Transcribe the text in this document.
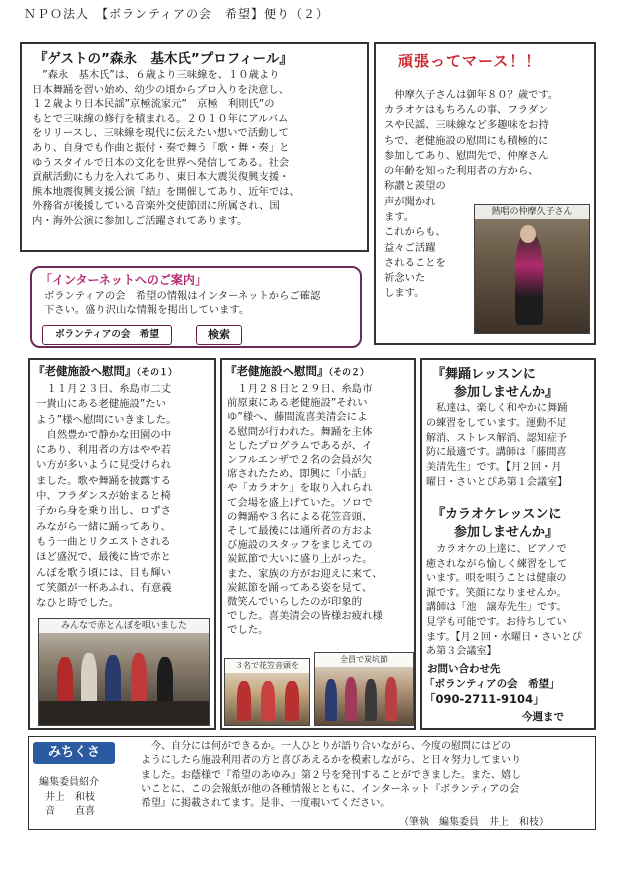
ＮＰＯ法人　【ボランティアの会　希望】便り（２）
『ゲストの”森永　基木氏”プロフィール』
　”森永　基木氏”は、６歳より三味線を、１０歳より
日本舞踊を習い始め、幼少の頃からプロ入りを決意し、
１２歳より日本民謡”京極流家元”　京極　利則氏”の
もとで三味線の修行を積まれる。２０１０年にアルバム
をリリースし、三味線を現代に伝えたい想いで活動して
あり、自身でも作曲と振付・奏で舞う「歌・舞・奏」と
ゆうスタイルで日本の文化を世界へ発信してある。社会
貢献活動にも力を入れてあり、東日本大震災復興支援・
熊本地震復興支援公演『結』を開催してあり、近年では、
外務省が後援している音楽外交使節団に所属され、国
内・海外公演に参加しご活躍されてあります。
頑張ってマース！！
　仲摩久子さんは御年８０？歳です。
カラオケはもちろんの事、フラダン
スや民謡、三味線など多趣味をお持
ちで、老健施設の慰問にも積極的に
参加してあり、慰問先で、仲摩さん
の年齢を知った利用者の方から、
称讃と羨望の
声が聞かれ
ます。
これからも、
益々ご活躍
されることを
祈念いた
します。
熱唱の仲摩久子さん
「インターネットへのご案内」
ボランティアの会　希望の情報はインターネットからご確認
下さい。盛り沢山な情報を掲出しています。
ボランティアの会　希望	検索
『老健施設へ慰問』（その１）
　１１月２３日、糸島市二丈
一貴山にある老健施設”たい
よう”様へ慰問にいきました。
　自然豊かで静かな田園の中
にあり、利用者の方はやや若
い方が多いように見受けられ
ました。歌や舞踊を披露する
中、フラダンスが始まると椅
子から身を乗り出し、ロずさ
みながら一緒に踊ってあり、
もう一曲とリクエストされる
ほど盛況で、最後に皆で赤と
んぼを歌う頃には、目も輝い
て笑顔が一杯あふれ、有意義
なひと時でした。
みんなで赤とんぼを唄いました
『老健施設へ慰問』（その２）
　１月２８日と２９日、糸島市
前原東にある老健施設”それい
ゆ”様へ、藤間流喜美清会によ
る慰問が行われた。舞踊を主体
としたプログラムであるが、イ
ンフルエンザで２名の会員が欠
席されたため、即興に「小話」
や「カラオケ」を取り入れられ
て会場を盛上げていた。ソロで
の舞踊や３名による花笠音頭、
そして最後には通所者の方およ
び施設のスタッフをまじえての
炭鉱節で大いに盛り上がった。
また、家族の方がお迎えに来て、
炭鉱節を踊ってある姿を見て、
微笑んでいらしたのが印象的
でした。喜美清会の皆様お疲れ様
でした。
３名で花笠音頭を
全員で炭坑節
『舞踊レッスンに
参加しませんか』
　私達は、楽しく和やかに舞踊
の練習をしています。運動不足
解消、ストレス解消、認知症予
防に最適です。講師は「藤間喜
美清先生」です。【月２回・月
曜日・さいとぴあ第１会議室】
『カラオケレッスンに
参加しませんか』
　カラオケの上達に、ピアノで
癒されながら愉しく練習をして
います。唄を唄うことは健康の
源です。笑顔になりませんか。
講師は「池　譲寿先生」です。
見学も可能です。お待ちしてい
ます。【月２回・水曜日・さいとぴ
あ第３会議室】
お問い合わせ先
「ボランティアの会　希望」
「090-2711-9104」
今週まで
みちくさ
編集委員紹介
井上　和枝
音　　直喜
　今、自分には何ができるか。一人ひとりが語り合いながら、今度の慰問にはどの
ようにしたら施設利用者の方と喜びあえるかを模索しながら、と日々努力してまいり
ました。お蔭様で『希望のあゆみ』第２号を発刊することができました。また、嬉し
いことに、この会報紙が他の各種情報とともに、インターネット『ボランティアの会
希望』に掲載されてます。是非、一度覗いてください。
（筆執　編集委員　井上　和枝）
